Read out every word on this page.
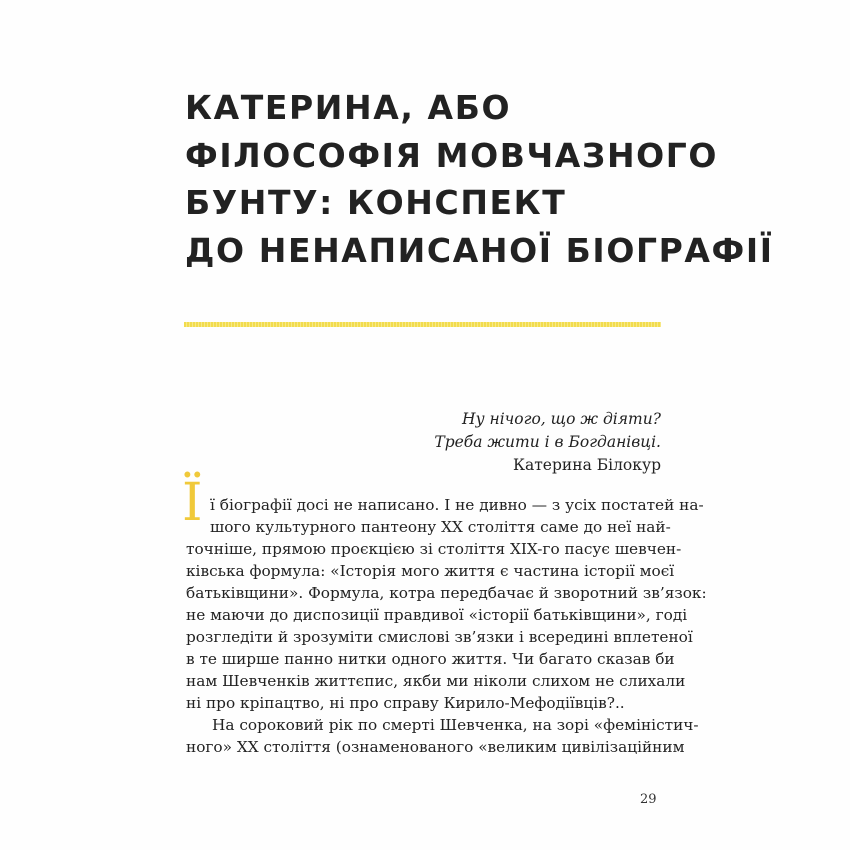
КАТЕРИНА, АБО
ФІЛОСОФІЯ МОВЧАЗНОГО
БУНТУ: КОНСПЕКТ
ДО НЕНАПИСАНОЇ БІОГРАФІЇ
Ну нічого, що ж діяти?
Треба жити і в Богданівці.
Катерина Білокур
Ї ї біографії досі не написано. І не дивно — з усіх постатей на-
шого культурного пантеону XX століття саме до неї най-
точніше, прямою проєкцією зі століття XIX-го пасує шевчен-
ківська формула: «Історія мого життя є частина історії моєї
батьківщини». Формула, котра передбачає й зворотний зв’язок:
не маючи до диспозиції правдивої «історії батьківщини», годі
розгледіти й зрозуміти смислові зв’язки і всередині вплетеної
в те ширше панно нитки одного життя. Чи багато сказав би
нам Шевченків життєпис, якби ми ніколи слихом не слихали
ні про кріпацтво, ні про справу Кирило-Мефодіївців?..
На сороковий рік по смерті Шевченка, на зорі «феміністич-
ного» XX століття (ознаменованого «великим цивілізаційним
29
